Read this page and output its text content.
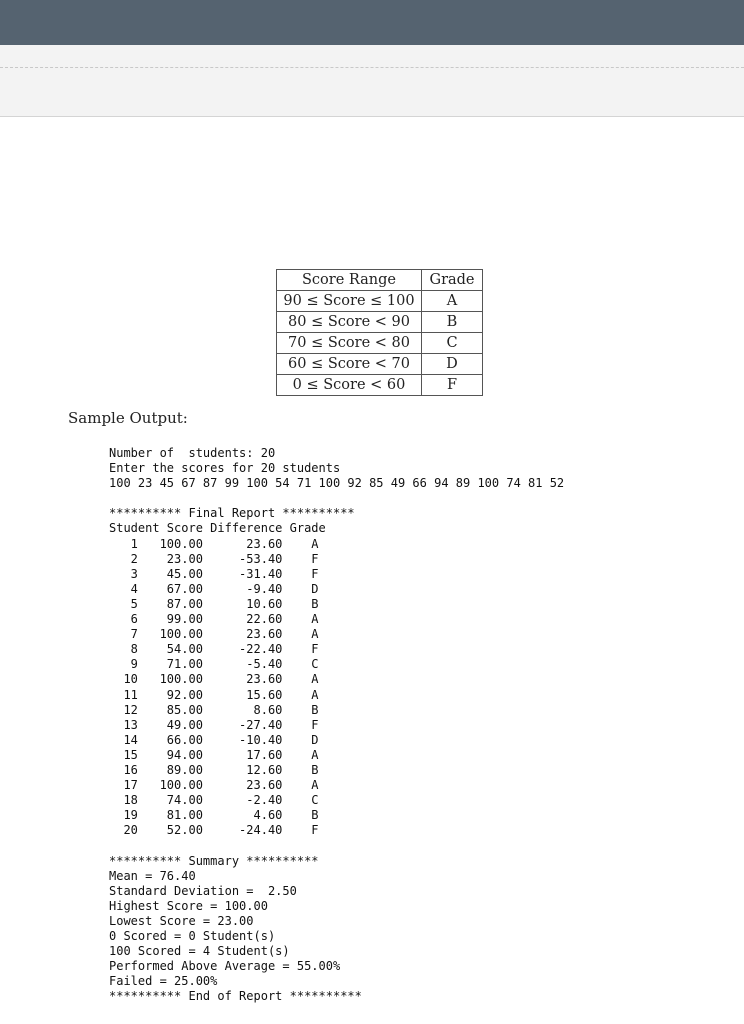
Score Range	Grade
90 ≤ Score ≤ 100	A
80 ≤ Score < 90	B
70 ≤ Score < 80	C
60 ≤ Score < 70	D
0 ≤ Score < 60	F
Sample Output:
Number of  students: 20
Enter the scores for 20 students
100 23 45 67 87 99 100 54 71 100 92 85 49 66 94 89 100 74 81 52

********** Final Report **********
Student Score Difference Grade
1   100.00      23.60    A
2    23.00     -53.40    F
3    45.00     -31.40    F
4    67.00      -9.40    D
5    87.00      10.60    B
6    99.00      22.60    A
7   100.00      23.60    A
8    54.00     -22.40    F
9    71.00      -5.40    C
10   100.00      23.60    A
11    92.00      15.60    A
12    85.00       8.60    B
13    49.00     -27.40    F
14    66.00     -10.40    D
15    94.00      17.60    A
16    89.00      12.60    B
17   100.00      23.60    A
18    74.00      -2.40    C
19    81.00       4.60    B
20    52.00     -24.40    F

********** Summary **********
Mean = 76.40
Standard Deviation =  2.50
Highest Score = 100.00
Lowest Score = 23.00
0 Scored = 0 Student(s)
100 Scored = 4 Student(s)
Performed Above Average = 55.00%
Failed = 25.00%
********** End of Report **********
